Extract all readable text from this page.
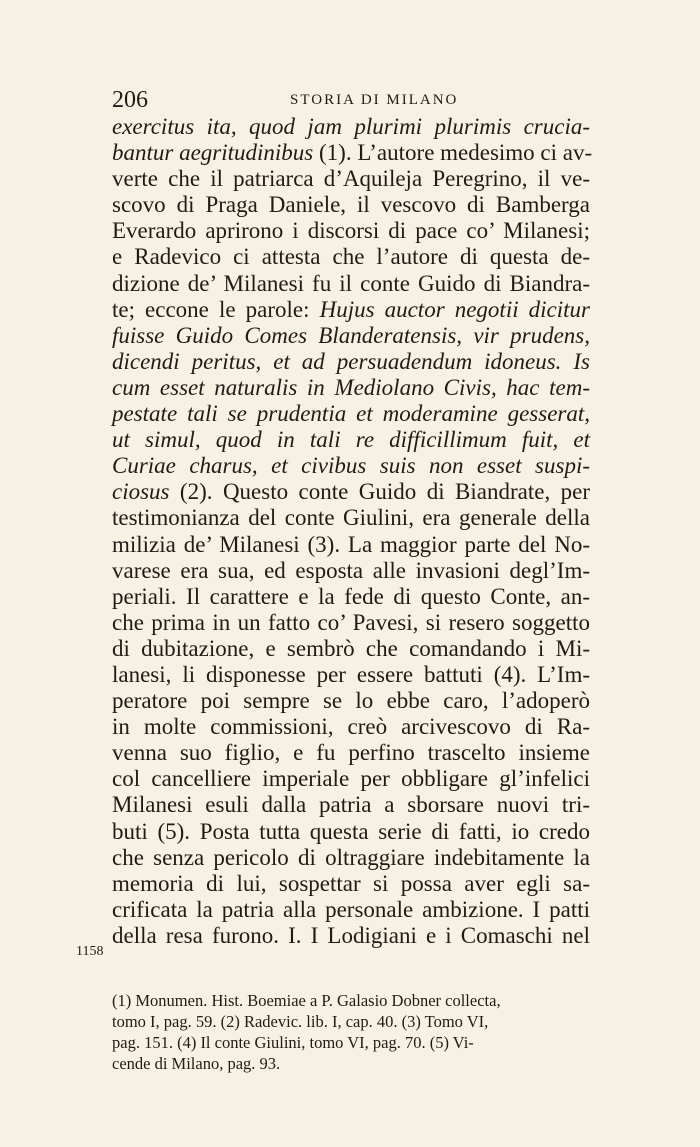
206	STORIA DI MILANO
exercitus ita, quod jam plurimi plurimis crucia-
bantur aegritudinibus (1). L’autore medesimo ci av-
verte che il patriarca d’Aquileja Peregrino, il ve-
scovo di Praga Daniele, il vescovo di Bamberga
Everardo aprirono i discorsi di pace co’ Milanesi;
e Radevico ci attesta che l’autore di questa de-
dizione de’ Milanesi fu il conte Guido di Biandra-
te; eccone le parole: Hujus auctor negotii dicitur
fuisse Guido Comes Blanderatensis, vir prudens,
dicendi peritus, et ad persuadendum idoneus. Is
cum esset naturalis in Mediolano Civis, hac tem-
pestate tali se prudentia et moderamine gesserat,
ut simul, quod in tali re difficillimum fuit, et
Curiae charus, et civibus suis non esset suspi-
ciosus (2). Questo conte Guido di Biandrate, per
testimonianza del conte Giulini, era generale della
milizia de’ Milanesi (3). La maggior parte del No-
varese era sua, ed esposta alle invasioni degl’Im-
periali. Il carattere e la fede di questo Conte, an-
che prima in un fatto co’ Pavesi, si resero soggetto
di dubitazione, e sembrò che comandando i Mi-
lanesi, li disponesse per essere battuti (4). L’Im-
peratore poi sempre se lo ebbe caro, l’adoperò
in molte commissioni, creò arcivescovo di Ra-
venna suo figlio, e fu perfino trascelto insieme
col cancelliere imperiale per obbligare gl’infelici
Milanesi esuli dalla patria a sborsare nuovi tri-
buti (5). Posta tutta questa serie di fatti, io credo
che senza pericolo di oltraggiare indebitamente la
memoria di lui, sospettar si possa aver egli sa-
crificata la patria alla personale ambizione. I patti
della resa furono. I. I Lodigiani e i Comaschi nel
1158
(1) Monumen. Hist. Boemiae a P. Galasio Dobner collecta,
tomo I, pag. 59. (2) Radevic. lib. I, cap. 40. (3) Tomo VI,
pag. 151. (4) Il conte Giulini, tomo VI, pag. 70. (5) Vi-
cende di Milano, pag. 93.
